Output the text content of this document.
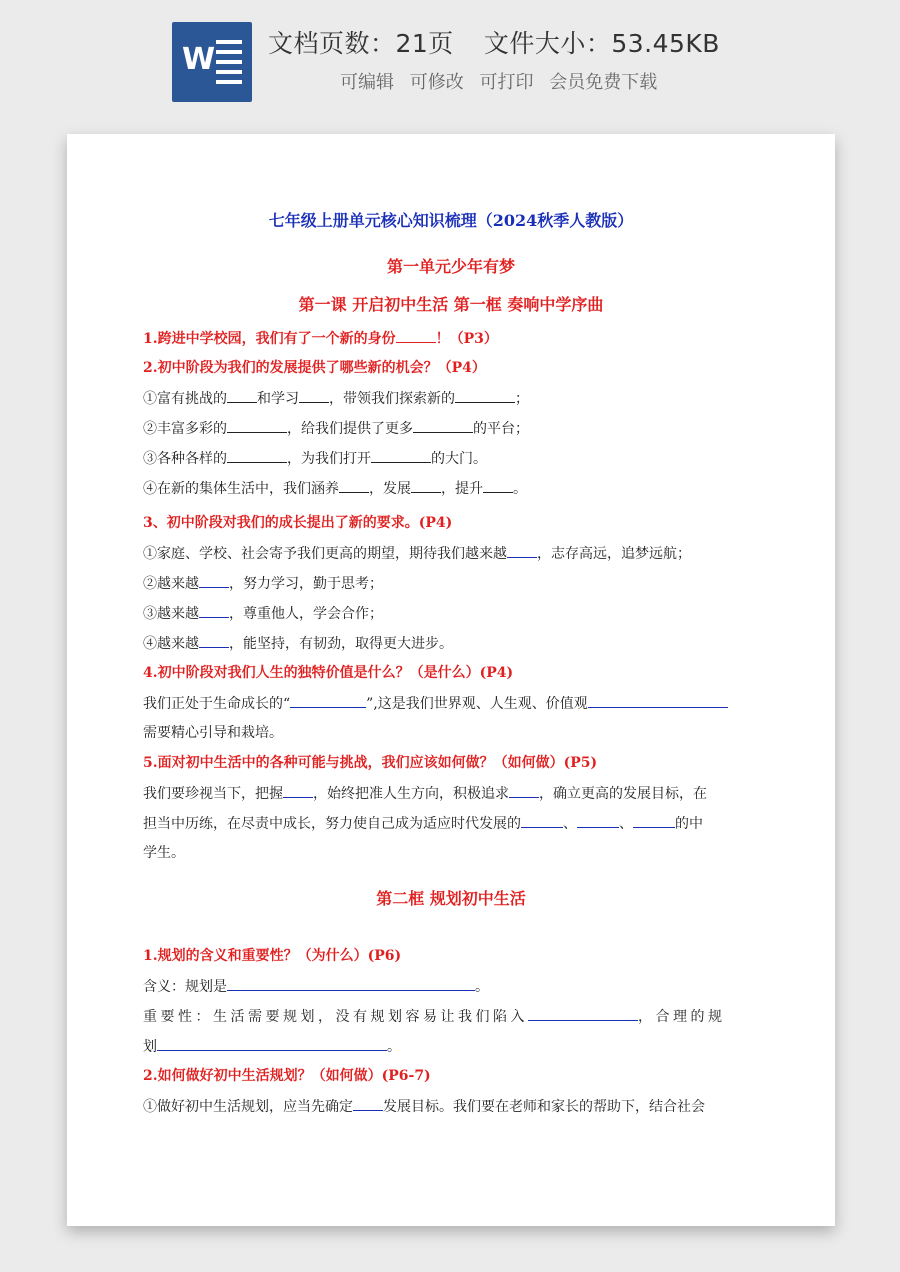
W 文档页数：21页 文件大小：53.45KB
可编辑 可修改 可打印 会员免费下载
七年级上册单元核心知识梳理（2024秋季人教版）
第一单元少年有梦
第一课 开启初中生活 第一框 奏响中学序曲
1.跨进中学校园，我们有了一个新的身份	！（P3）
2.初中阶段为我们的发展提供了哪些新的机会？（P4）
①富有挑战的 和学习 ，带领我们探索新的	；
②丰富多彩的	，给我们提供了更多	的平台；
③各种各样的	，为我们打开	的大门。
④在新的集体生活中，我们涵养 ，发展 ，提升 。
3、初中阶段对我们的成长提出了新的要求。(P4)
①家庭、学校、社会寄予我们更高的期望，期待我们越来越 ，志存高远，追梦远航；
②越来越 ，努力学习，勤于思考；
③越来越 ，尊重他人，学会合作；
④越来越 ，能坚持，有韧劲，取得更大进步。
4.初中阶段对我们人生的独特价值是什么？（是什么）(P4)
我们正处于生命成长的“	”,这是我们世界观、人生观、价值观
需要精心引导和栽培。
5.面对初中生活中的各种可能与挑战，我们应该如何做？（如何做）(P5)
我们要珍视当下，把握 ，始终把准人生方向，积极追求 ，确立更高的发展目标，在
担当中历练，在尽责中成长，努力使自己成为适应时代发展的	、	、	的中
学生。
第二框 规划初中生活
1.规划的含义和重要性？（为什么）(P6)
含义：规划是	。
重要性：生活需要规划，没有规划容易让我们陷入	，合理的规
划	。
2.如何做好初中生活规划？（如何做）(P6-7)
①做好初中生活规划，应当先确定 发展目标。我们要在老师和家长的帮助下，结合社会
